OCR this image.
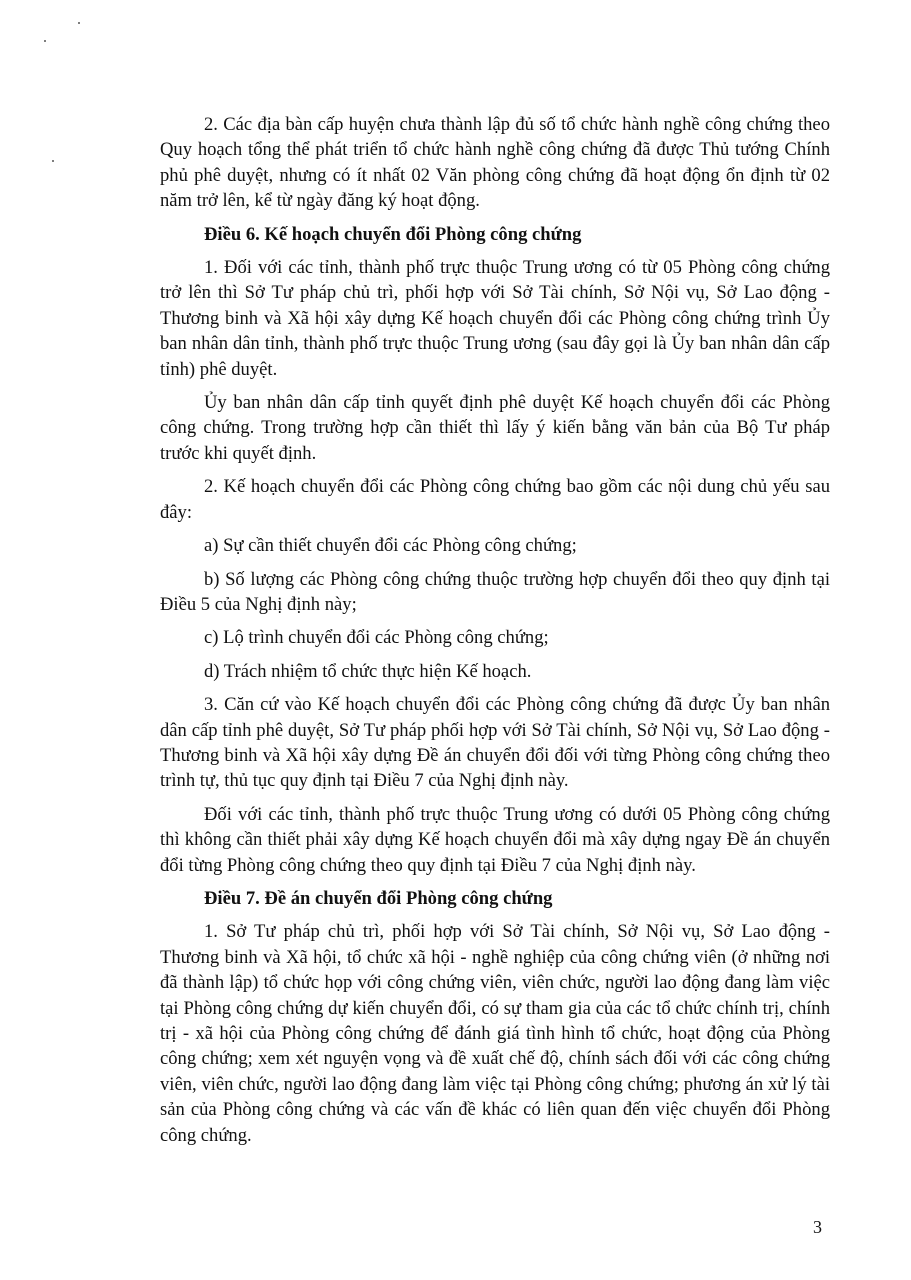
2. Các địa bàn cấp huyện chưa thành lập đủ số tổ chức hành nghề công chứng theo Quy hoạch tổng thể phát triển tổ chức hành nghề công chứng đã được Thủ tướng Chính phủ phê duyệt, nhưng có ít nhất 02 Văn phòng công chứng đã hoạt động ổn định từ 02 năm trở lên, kể từ ngày đăng ký hoạt động.

Điều 6. Kế hoạch chuyển đổi Phòng công chứng

1. Đối với các tỉnh, thành phố trực thuộc Trung ương có từ 05 Phòng công chứng trở lên thì Sở Tư pháp chủ trì, phối hợp với Sở Tài chính, Sở Nội vụ, Sở Lao động - Thương binh và Xã hội xây dựng Kế hoạch chuyển đổi các Phòng công chứng trình Ủy ban nhân dân tỉnh, thành phố trực thuộc Trung ương (sau đây gọi là Ủy ban nhân dân cấp tỉnh) phê duyệt.

Ủy ban nhân dân cấp tỉnh quyết định phê duyệt Kế hoạch chuyển đổi các Phòng công chứng. Trong trường hợp cần thiết thì lấy ý kiến bằng văn bản của Bộ Tư pháp trước khi quyết định.

2. Kế hoạch chuyển đổi các Phòng công chứng bao gồm các nội dung chủ yếu sau đây:

a) Sự cần thiết chuyển đổi các Phòng công chứng;

b) Số lượng các Phòng công chứng thuộc trường hợp chuyển đổi theo quy định tại Điều 5 của Nghị định này;

c) Lộ trình chuyển đổi các Phòng công chứng;

d) Trách nhiệm tổ chức thực hiện Kế hoạch.

3. Căn cứ vào Kế hoạch chuyển đổi các Phòng công chứng đã được Ủy ban nhân dân cấp tỉnh phê duyệt, Sở Tư pháp phối hợp với Sở Tài chính, Sở Nội vụ, Sở Lao động - Thương binh và Xã hội xây dựng Đề án chuyển đổi đối với từng Phòng công chứng theo trình tự, thủ tục quy định tại Điều 7 của Nghị định này.

Đối với các tỉnh, thành phố trực thuộc Trung ương có dưới 05 Phòng công chứng thì không cần thiết phải xây dựng Kế hoạch chuyển đổi mà xây dựng ngay Đề án chuyển đổi từng Phòng công chứng theo quy định tại Điều 7 của Nghị định này.

Điều 7. Đề án chuyển đổi Phòng công chứng

1. Sở Tư pháp chủ trì, phối hợp với Sở Tài chính, Sở Nội vụ, Sở Lao động - Thương binh và Xã hội, tổ chức xã hội - nghề nghiệp của công chứng viên (ở những nơi đã thành lập) tổ chức họp với công chứng viên, viên chức, người lao động đang làm việc tại Phòng công chứng dự kiến chuyển đổi, có sự tham gia của các tổ chức chính trị, chính trị - xã hội của Phòng công chứng để đánh giá tình hình tổ chức, hoạt động của Phòng công chứng; xem xét nguyện vọng và đề xuất chế độ, chính sách đối với các công chứng viên, viên chức, người lao động đang làm việc tại Phòng công chứng; phương án xử lý tài sản của Phòng công chứng và các vấn đề khác có liên quan đến việc chuyển đổi Phòng công chứng.

3
